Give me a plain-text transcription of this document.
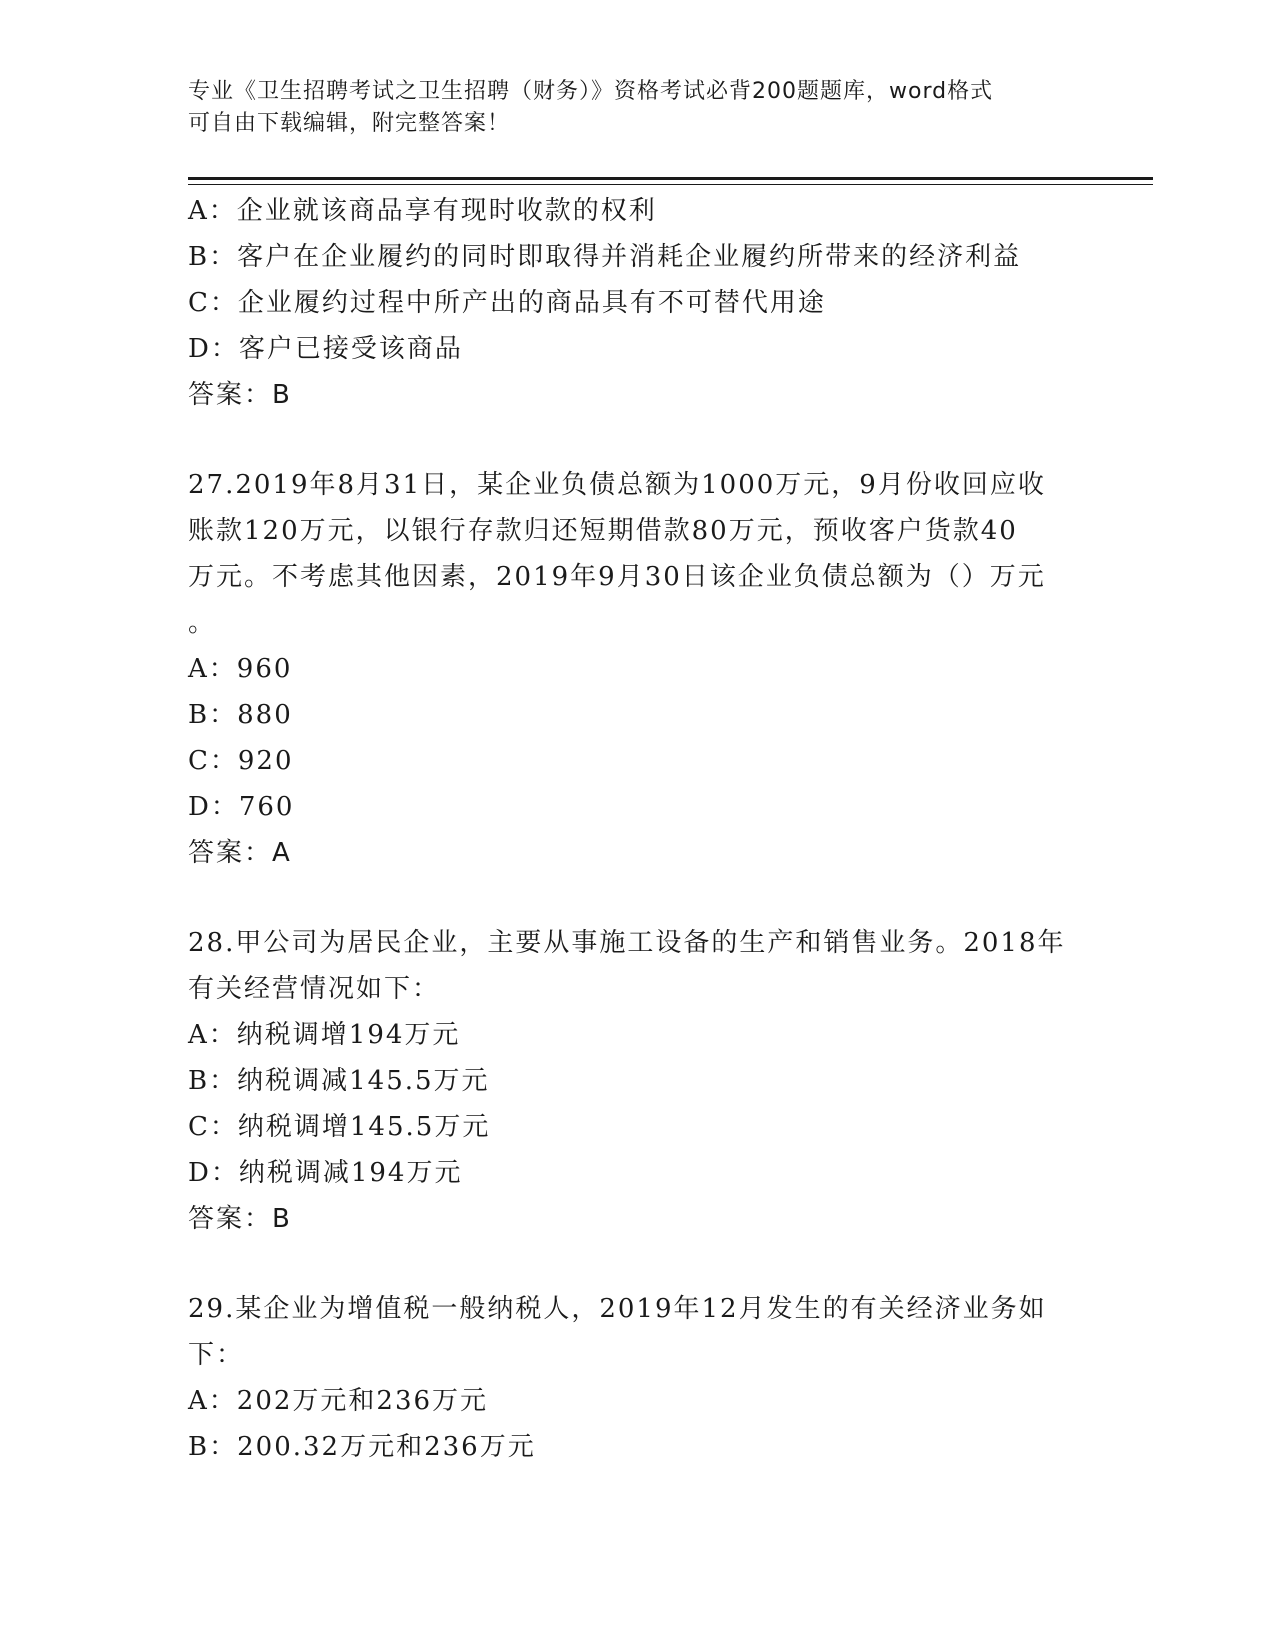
专业《卫生招聘考试之卫生招聘（财务）》资格考试必背200题题库，word格式
可自由下载编辑，附完整答案！
A：企业就该商品享有现时收款的权利
B：客户在企业履约的同时即取得并消耗企业履约所带来的经济利益
C：企业履约过程中所产出的商品具有不可替代用途
D：客户已接受该商品
答案：B
27.2019年8月31日，某企业负债总额为1000万元，9月份收回应收
账款120万元，以银行存款归还短期借款80万元，预收客户货款40
万元。不考虑其他因素，2019年9月30日该企业负债总额为（）万元
。
A：960
B：880
C：920
D：760
答案：A
28.甲公司为居民企业，主要从事施工设备的生产和销售业务。2018年
有关经营情况如下：
A：纳税调增194万元
B：纳税调减145.5万元
C：纳税调增145.5万元
D：纳税调减194万元
答案：B
29.某企业为增值税一般纳税人，2019年12月发生的有关经济业务如
下：
A：202万元和236万元
B：200.32万元和236万元
